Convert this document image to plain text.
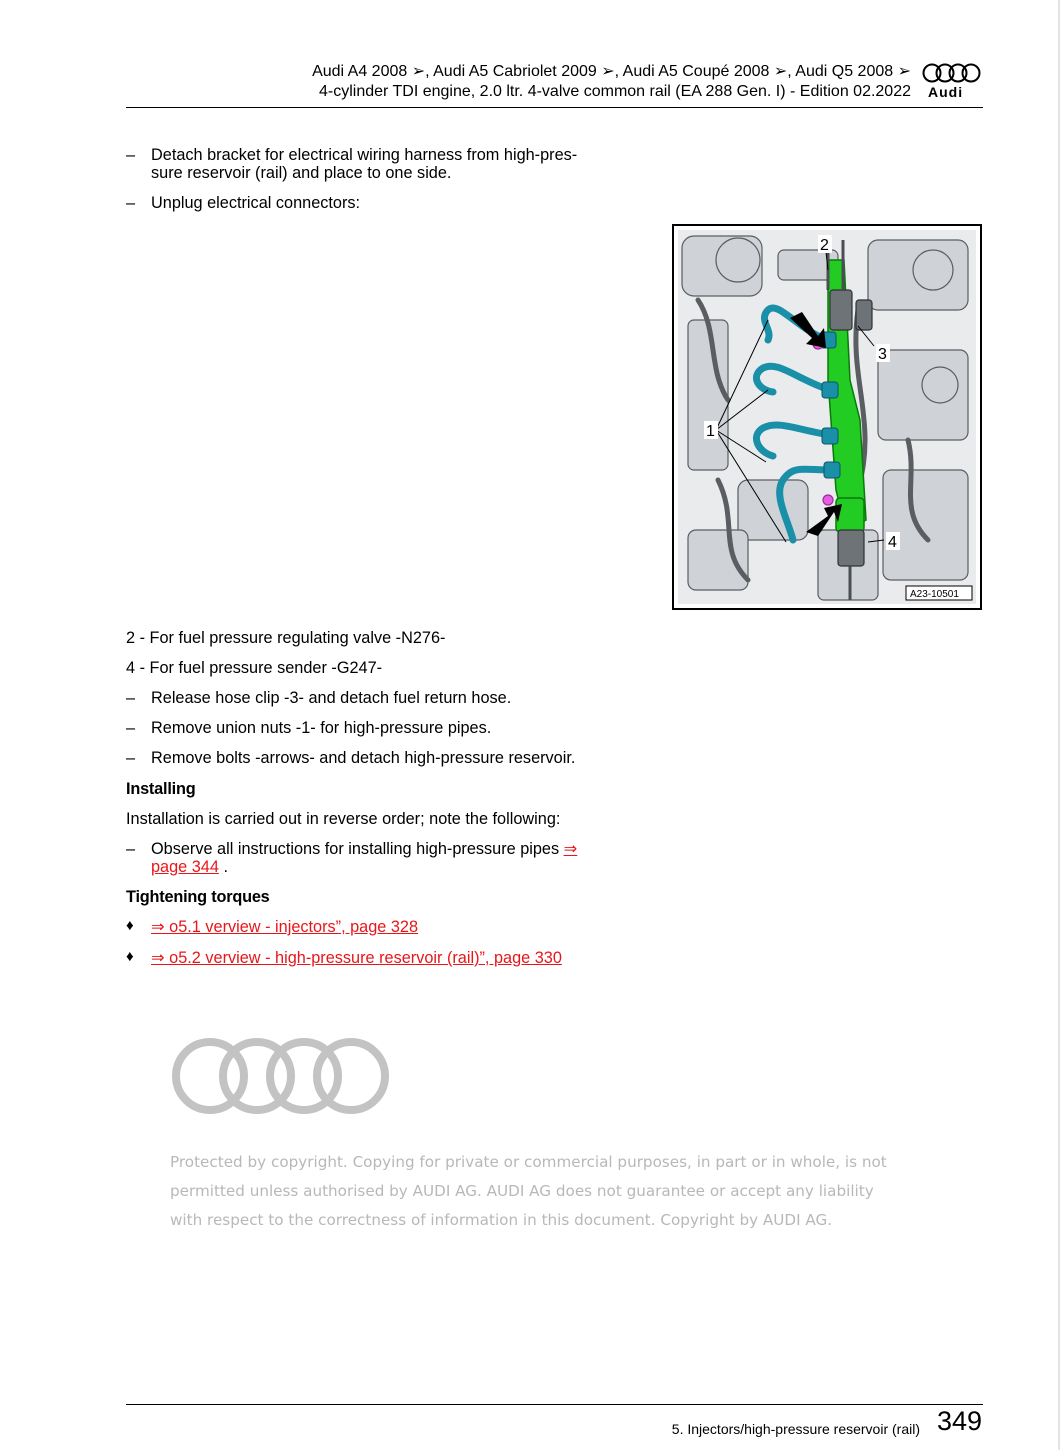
Audi A4 2008 ➢, Audi A5 Cabriolet 2009 ➢, Audi A5 Coupé 2008 ➢, Audi Q5 2008 ➢
4-cylinder TDI engine, 2.0 ltr. 4-valve common rail (EA 288 Gen. I) - Edition 02.2022 Audi
– Detach bracket for electrical wiring harness from high-pres-
sure reservoir (rail) and place to one side.
– Unplug electrical connectors:
1
2
3
4
A23-10501
2 - For fuel pressure regulating valve -N276-
4 - For fuel pressure sender -G247-
– Release hose clip -3- and detach fuel return hose.
– Remove union nuts -1- for high-pressure pipes.
– Remove bolts -arrows- and detach high-pressure reservoir.
Installing
Installation is carried out in reverse order; note the following:
– Observe all instructions for installing high-pressure pipes ⇒
page 344 .
Tightening torques
♦ ⇒ o5.1 verview - injectors”, page 328
♦ ⇒ o5.2 verview - high-pressure reservoir (rail)”, page 330
Protected by copyright. Copying for private or commercial purposes, in part or in whole, is not
permitted unless authorised by AUDI AG. AUDI AG does not guarantee or accept any liability
with respect to the correctness of information in this document. Copyright by AUDI AG.
5. Injectors/high-pressure reservoir (rail) 349
